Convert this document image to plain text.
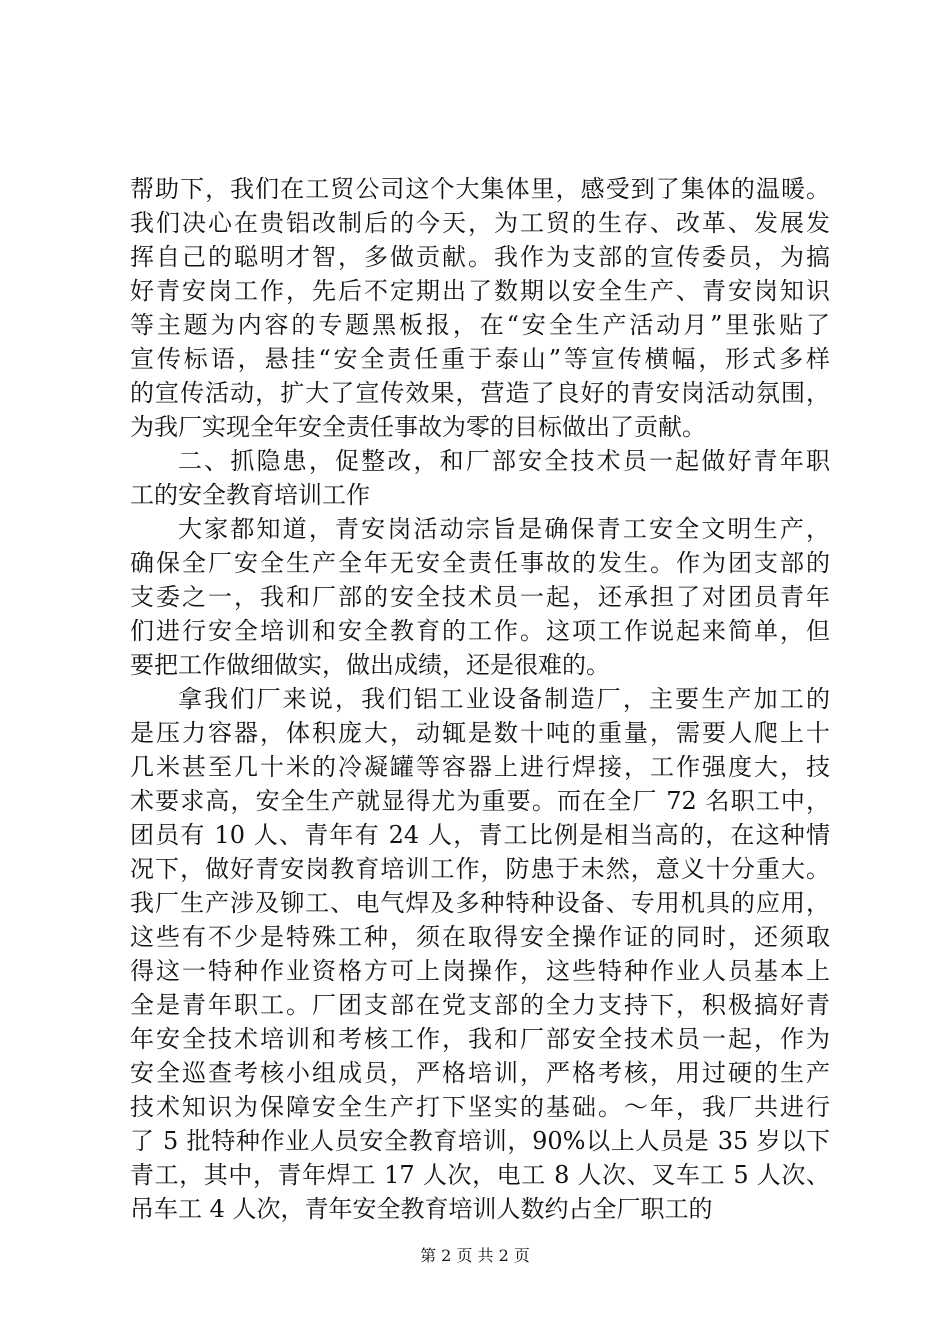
帮助下，我们在工贸公司这个大集体里，感受到了集体的温暖。
我们决心在贵铝改制后的今天，为工贸的生存、改革、发展发
挥自己的聪明才智，多做贡献。我作为支部的宣传委员，为搞
好青安岗工作，先后不定期出了数期以安全生产、青安岗知识
等主题为内容的专题黑板报，在“安全生产活动月”里张贴了
宣传标语，悬挂“安全责任重于泰山”等宣传横幅，形式多样
的宣传活动，扩大了宣传效果，营造了良好的青安岗活动氛围，
为我厂实现全年安全责任事故为零的目标做出了贡献。
二、抓隐患，促整改，和厂部安全技术员一起做好青年职
工的安全教育培训工作
大家都知道，青安岗活动宗旨是确保青工安全文明生产，
确保全厂安全生产全年无安全责任事故的发生。作为团支部的
支委之一，我和厂部的安全技术员一起，还承担了对团员青年
们进行安全培训和安全教育的工作。这项工作说起来简单，但
要把工作做细做实，做出成绩，还是很难的。
拿我们厂来说，我们铝工业设备制造厂，主要生产加工的
是压力容器，体积庞大，动辄是数十吨的重量，需要人爬上十
几米甚至几十米的冷凝罐等容器上进行焊接，工作强度大，技
术要求高，安全生产就显得尤为重要。而在全厂 72 名职工中，
团员有 10 人、青年有 24 人，青工比例是相当高的，在这种情
况下，做好青安岗教育培训工作，防患于未然，意义十分重大。
我厂生产涉及铆工、电气焊及多种特种设备、专用机具的应用，
这些有不少是特殊工种，须在取得安全操作证的同时，还须取
得这一特种作业资格方可上岗操作，这些特种作业人员基本上
全是青年职工。厂团支部在党支部的全力支持下，积极搞好青
年安全技术培训和考核工作，我和厂部安全技术员一起，作为
安全巡查考核小组成员，严格培训，严格考核，用过硬的生产
技术知识为保障安全生产打下坚实的基础。～年，我厂共进行
了 5 批特种作业人员安全教育培训，90%以上人员是 35 岁以下
青工，其中，青年焊工 17 人次，电工 8 人次、叉车工 5 人次、
吊车工 4 人次，青年安全教育培训人数约占全厂职工的
第 2 页 共 2 页
